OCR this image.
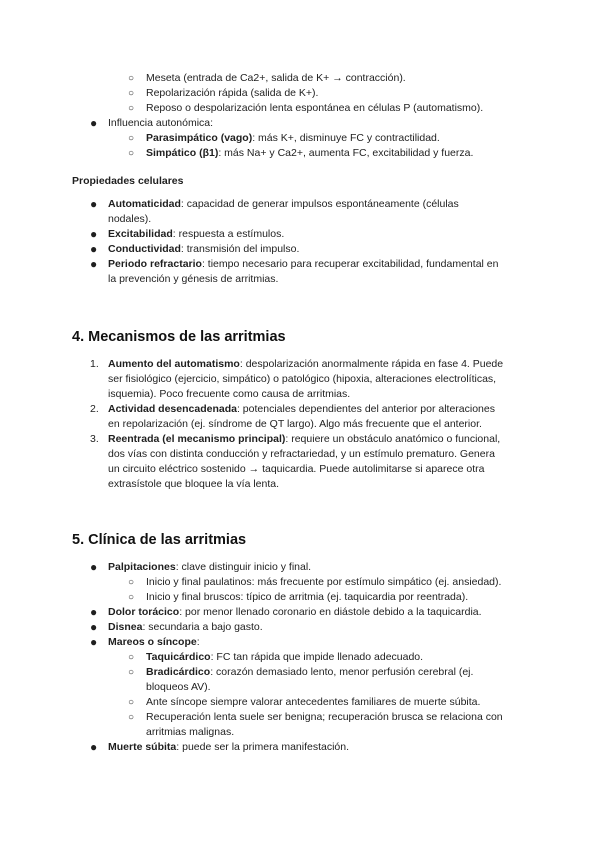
○ Meseta (entrada de Ca2+, salida de K+ → contracción).
○ Repolarización rápida (salida de K+).
○ Reposo o despolarización lenta espontánea en células P (automatismo).
● Influencia autonómica:
○ Parasimpático (vago): más K+, disminuye FC y contractilidad.
○ Simpático (β1): más Na+ y Ca2+, aumenta FC, excitabilidad y fuerza.
Propiedades celulares
● Automaticidad: capacidad de generar impulsos espontáneamente (células
nodales).
● Excitabilidad: respuesta a estímulos.
● Conductividad: transmisión del impulso.
● Periodo refractario: tiempo necesario para recuperar excitabilidad, fundamental en
la prevención y génesis de arritmias.
4. Mecanismos de las arritmias
1. Aumento del automatismo: despolarización anormalmente rápida en fase 4. Puede
ser fisiológico (ejercicio, simpático) o patológico (hipoxia, alteraciones electrolíticas,
isquemia). Poco frecuente como causa de arritmias.
2. Actividad desencadenada: potenciales dependientes del anterior por alteraciones
en repolarización (ej. síndrome de QT largo). Algo más frecuente que el anterior.
3. Reentrada (el mecanismo principal): requiere un obstáculo anatómico o funcional,
dos vías con distinta conducción y refractariedad, y un estímulo prematuro. Genera
un circuito eléctrico sostenido → taquicardia. Puede autolimitarse si aparece otra
extrasístole que bloquee la vía lenta.
5. Clínica de las arritmias
● Palpitaciones: clave distinguir inicio y final.
○ Inicio y final paulatinos: más frecuente por estímulo simpático (ej. ansiedad).
○ Inicio y final bruscos: típico de arritmia (ej. taquicardia por reentrada).
● Dolor torácico: por menor llenado coronario en diástole debido a la taquicardia.
● Disnea: secundaria a bajo gasto.
● Mareos o síncope:
○ Taquicárdico: FC tan rápida que impide llenado adecuado.
○ Bradicárdico: corazón demasiado lento, menor perfusión cerebral (ej.
bloqueos AV).
○ Ante síncope siempre valorar antecedentes familiares de muerte súbita.
○ Recuperación lenta suele ser benigna; recuperación brusca se relaciona con
arritmias malignas.
● Muerte súbita: puede ser la primera manifestación.
